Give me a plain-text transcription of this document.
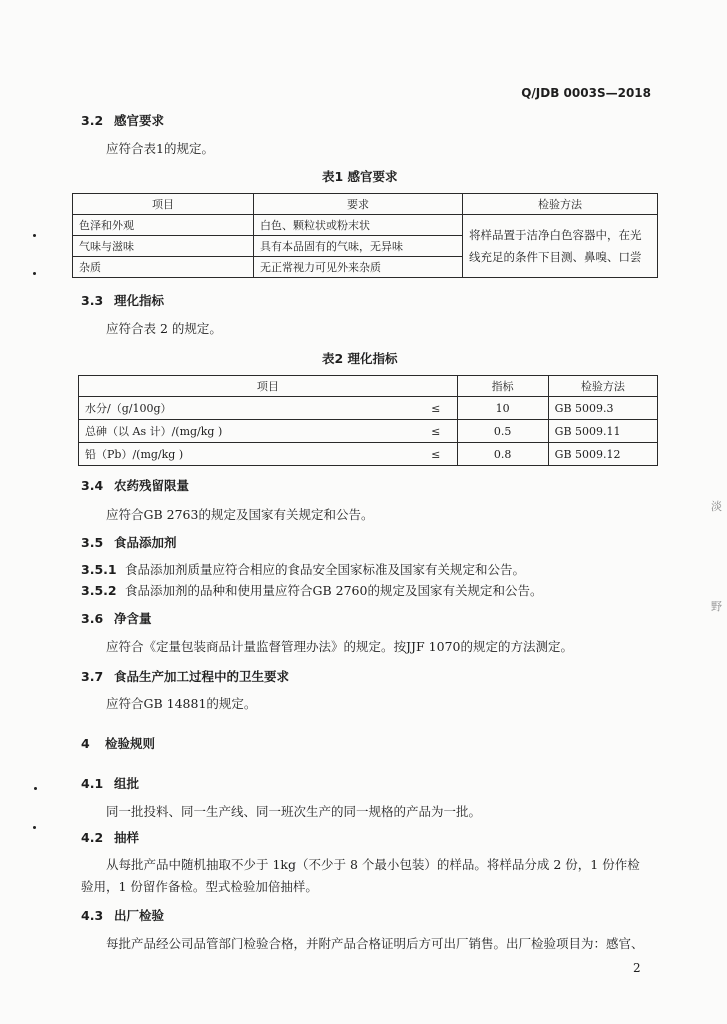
Q/JDB 0003S—2018
3.2 感官要求
应符合表1的规定。
表1 感官要求
项目	要求	检验方法
色泽和外观	白色、颗粒状或粉末状	将样品置于洁净白色容器中，在光线充足的条件下目测、鼻嗅、口尝
气味与滋味	具有本品固有的气味，无异味	
杂质	无正常视力可见外来杂质	
3.3 理化指标
应符合表 2 的规定。
表2 理化指标
项目		指标	检验方法
水分/（g/100g）	≤	10	GB 5009.3
总砷（以 As 计）/(mg/kg )	≤	0.5	GB 5009.11
铅（Pb）/(mg/kg )	≤	0.8	GB 5009.12
3.4 农药残留限量
应符合GB 2763的规定及国家有关规定和公告。
3.5 食品添加剂
3.5.1 食品添加剂质量应符合相应的食品安全国家标准及国家有关规定和公告。
3.5.2 食品添加剂的品种和使用量应符合GB 2760的规定及国家有关规定和公告。
3.6 净含量
应符合《定量包装商品计量监督管理办法》的规定。按JJF 1070的规定的方法测定。
3.7 食品生产加工过程中的卫生要求
应符合GB 14881的规定。
4 检验规则
4.1 组批
同一批投料、同一生产线、同一班次生产的同一规格的产品为一批。
4.2 抽样
从每批产品中随机抽取不少于 1kg（不少于 8 个最小包装）的样品。将样品分成 2 份，1 份作检验用，1 份留作备检。型式检验加倍抽样。
4.3 出厂检验
每批产品经公司品管部门检验合格，并附产品合格证明后方可出厂销售。出厂检验项目为：感官、
2
淡
野
